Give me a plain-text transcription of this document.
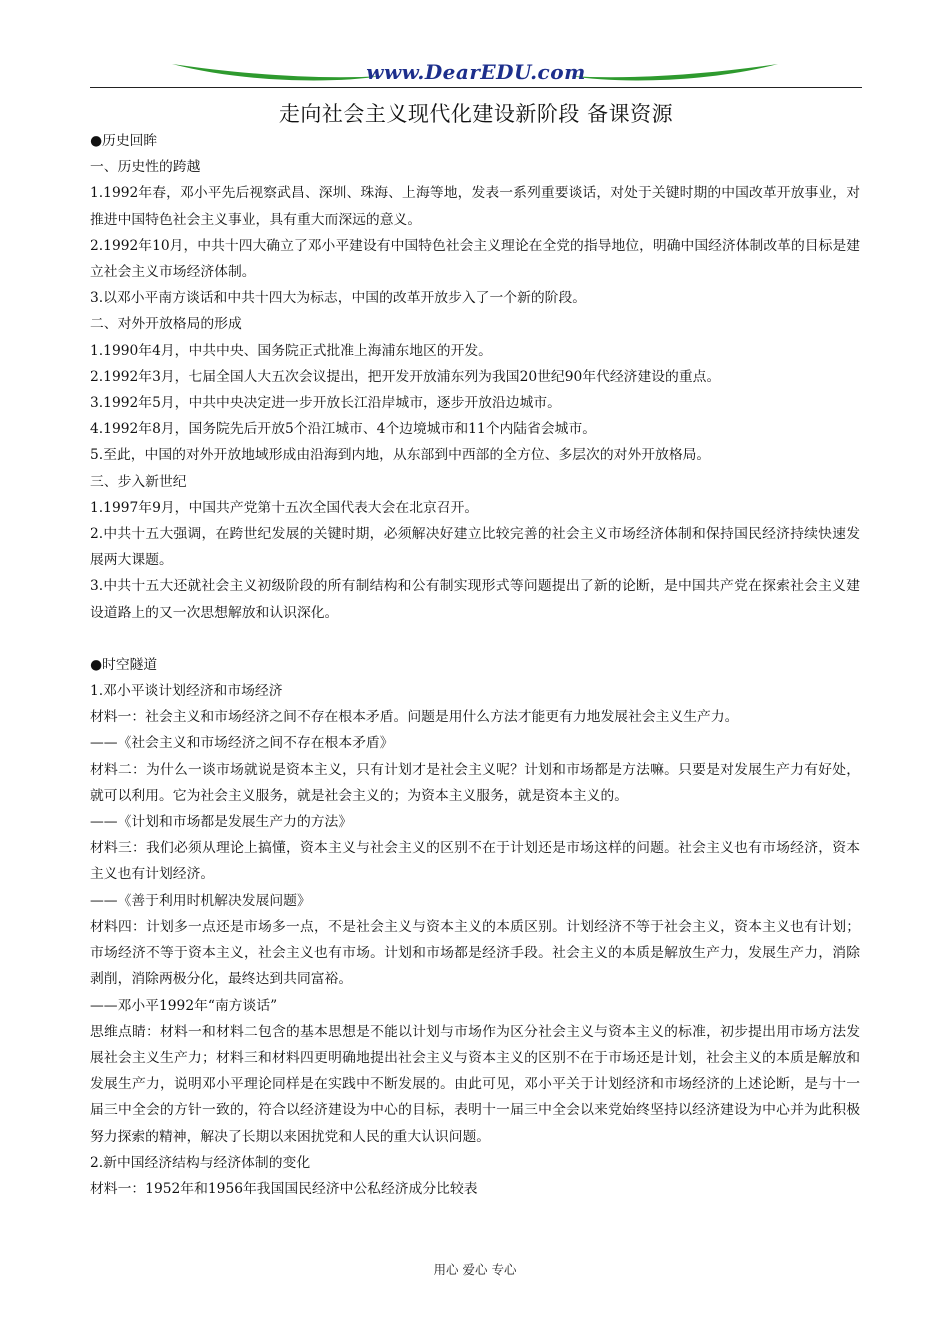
www.DearEDU.com
走向社会主义现代化建设新阶段 备课资源

●历史回眸

一、历史性的跨越

1.1992年春，邓小平先后视察武昌、深圳、珠海、上海等地，发表一系列重要谈话，对处于关键时期的中国改革开放事业，对推进中国特色社会主义事业，具有重大而深远的意义。

2.1992年10月，中共十四大确立了邓小平建设有中国特色社会主义理论在全党的指导地位，明确中国经济体制改革的目标是建立社会主义市场经济体制。

3.以邓小平南方谈话和中共十四大为标志，中国的改革开放步入了一个新的阶段。

二、对外开放格局的形成

1.1990年4月，中共中央、国务院正式批准上海浦东地区的开发。

2.1992年3月，七届全国人大五次会议提出，把开发开放浦东列为我国20世纪90年代经济建设的重点。

3.1992年5月，中共中央决定进一步开放长江沿岸城市，逐步开放沿边城市。

4.1992年8月，国务院先后开放5个沿江城市、4个边境城市和11个内陆省会城市。

5.至此，中国的对外开放地域形成由沿海到内地，从东部到中西部的全方位、多层次的对外开放格局。

三、步入新世纪

1.1997年9月，中国共产党第十五次全国代表大会在北京召开。

2.中共十五大强调，在跨世纪发展的关键时期，必须解决好建立比较完善的社会主义市场经济体制和保持国民经济持续快速发展两大课题。

3.中共十五大还就社会主义初级阶段的所有制结构和公有制实现形式等问题提出了新的论断，是中国共产党在探索社会主义建设道路上的又一次思想解放和认识深化。

●时空隧道

1.邓小平谈计划经济和市场经济

材料一：社会主义和市场经济之间不存在根本矛盾。问题是用什么方法才能更有力地发展社会主义生产力。

——《社会主义和市场经济之间不存在根本矛盾》

材料二：为什么一谈市场就说是资本主义，只有计划才是社会主义呢？计划和市场都是方法嘛。只要是对发展生产力有好处，就可以利用。它为社会主义服务，就是社会主义的；为资本主义服务，就是资本主义的。

——《计划和市场都是发展生产力的方法》

材料三：我们必须从理论上搞懂，资本主义与社会主义的区别不在于计划还是市场这样的问题。社会主义也有市场经济，资本主义也有计划经济。

——《善于利用时机解决发展问题》

材料四：计划多一点还是市场多一点，不是社会主义与资本主义的本质区别。计划经济不等于社会主义，资本主义也有计划；市场经济不等于资本主义，社会主义也有市场。计划和市场都是经济手段。社会主义的本质是解放生产力，发展生产力，消除剥削，消除两极分化，最终达到共同富裕。

——邓小平1992年“南方谈话”

思维点睛：材料一和材料二包含的基本思想是不能以计划与市场作为区分社会主义与资本主义的标准，初步提出用市场方法发展社会主义生产力；材料三和材料四更明确地提出社会主义与资本主义的区别不在于市场还是计划，社会主义的本质是解放和发展生产力，说明邓小平理论同样是在实践中不断发展的。由此可见，邓小平关于计划经济和市场经济的上述论断，是与十一届三中全会的方针一致的，符合以经济建设为中心的目标，表明十一届三中全会以来党始终坚持以经济建设为中心并为此积极努力探索的精神，解决了长期以来困扰党和人民的重大认识问题。

2.新中国经济结构与经济体制的变化

材料一：1952年和1956年我国国民经济中公私经济成分比较表

用心 爱心 专心
